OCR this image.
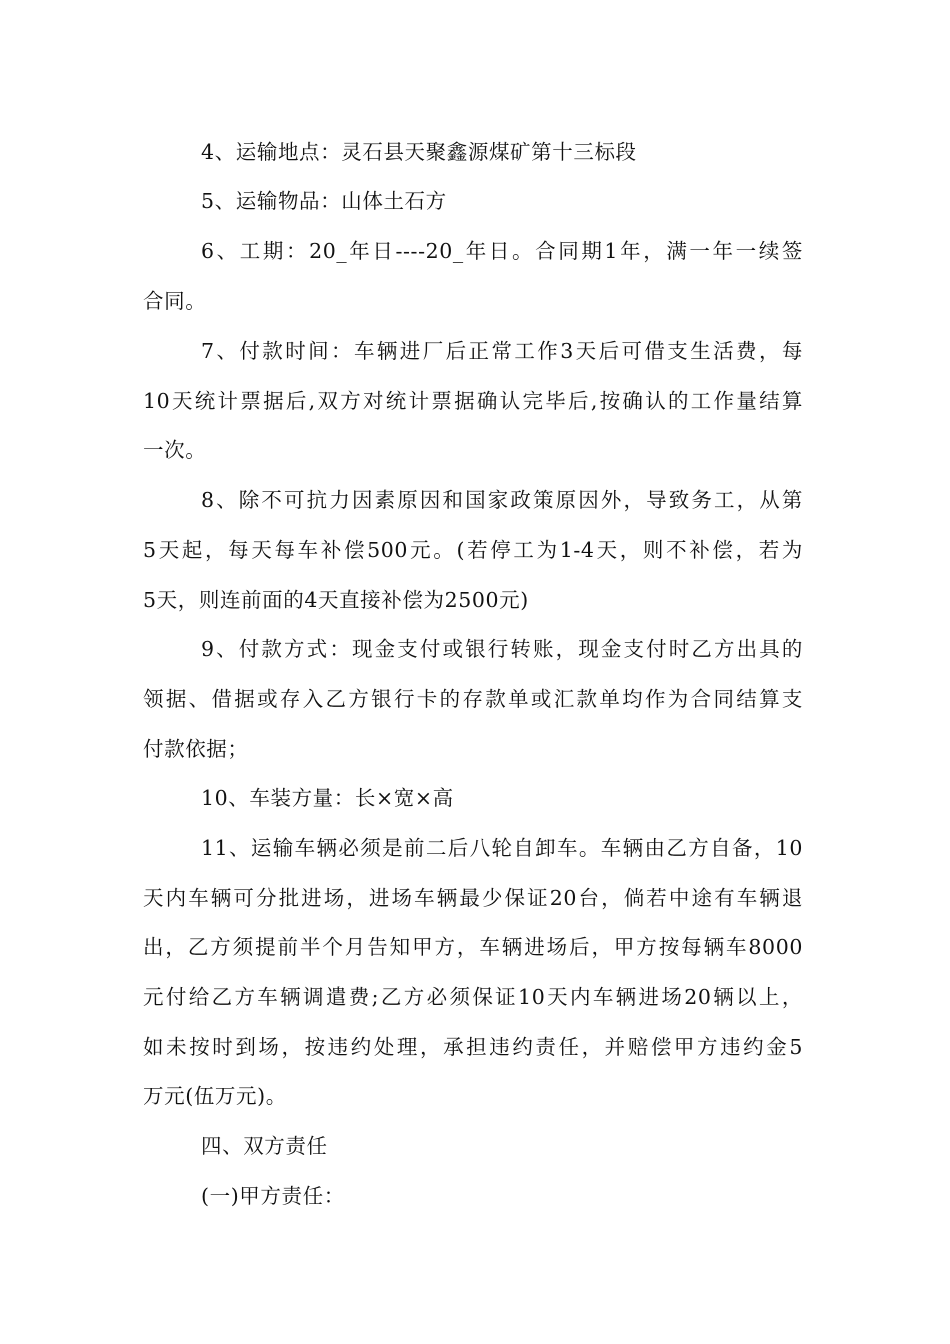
4、运输地点：灵石县天聚鑫源煤矿第十三标段
5、运输物品：山体土石方
6、工期：20_年日----20_年日。合同期1年，满一年一续签
合同。
7、付款时间：车辆进厂后正常工作3天后可借支生活费，每
10天统计票据后,双方对统计票据确认完毕后,按确认的工作量结算
一次。
8、除不可抗力因素原因和国家政策原因外，导致务工，从第
5天起，每天每车补偿500元。(若停工为1-4天，则不补偿，若为
5天，则连前面的4天直接补偿为2500元)
9、付款方式：现金支付或银行转账，现金支付时乙方出具的
领据、借据或存入乙方银行卡的存款单或汇款单均作为合同结算支
付款依据；
10、车装方量：长×宽×高
11、运输车辆必须是前二后八轮自卸车。车辆由乙方自备，10
天内车辆可分批进场，进场车辆最少保证20台，倘若中途有车辆退
出，乙方须提前半个月告知甲方，车辆进场后，甲方按每辆车8000
元付给乙方车辆调遣费;乙方必须保证10天内车辆进场20辆以上，
如未按时到场，按违约处理，承担违约责任，并赔偿甲方违约金5
万元(伍万元)。
四、双方责任
(一)甲方责任：
